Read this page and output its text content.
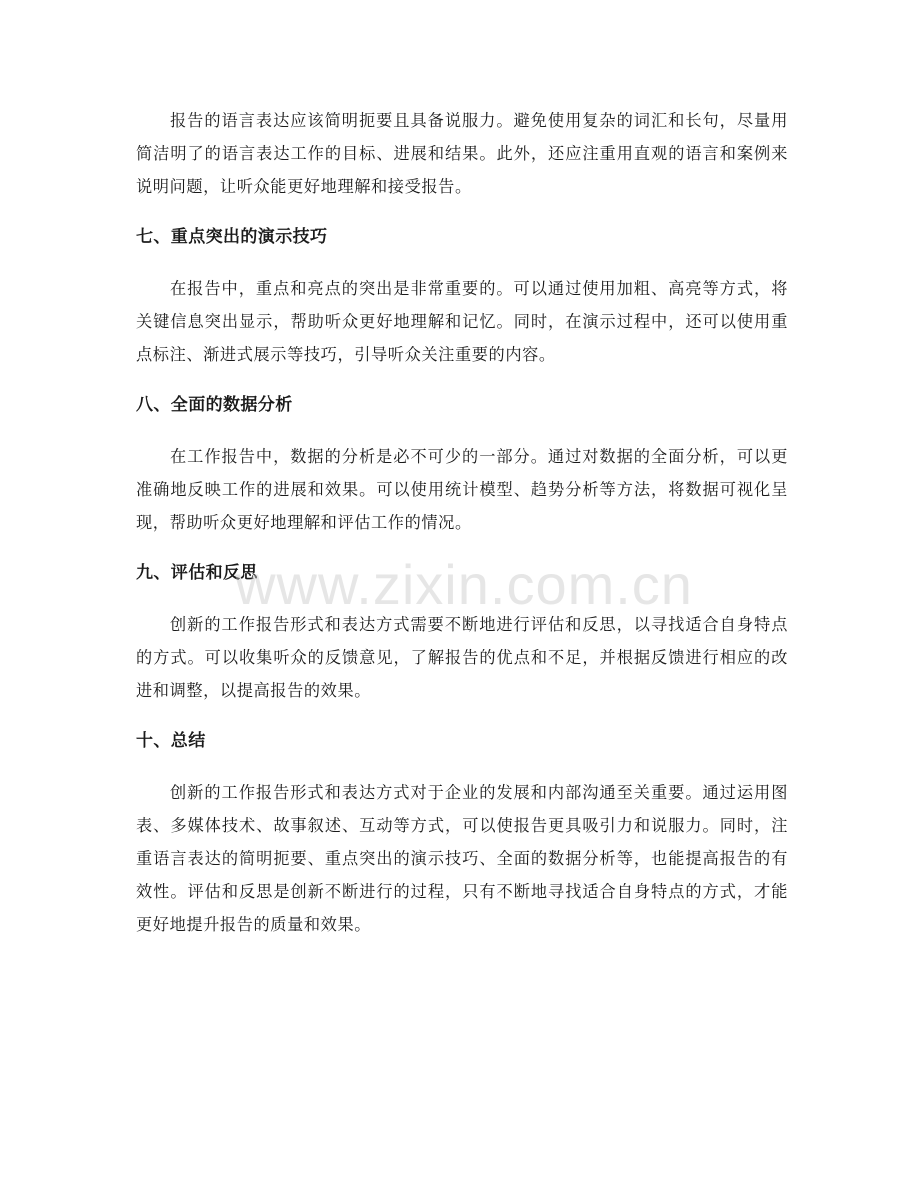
报告的语言表达应该简明扼要且具备说服力。避免使用复杂的词汇和长句，尽量用简洁明了的语言表达工作的目标、进展和结果。此外，还应注重用直观的语言和案例来说明问题，让听众能更好地理解和接受报告。

七、重点突出的演示技巧

在报告中，重点和亮点的突出是非常重要的。可以通过使用加粗、高亮等方式，将关键信息突出显示，帮助听众更好地理解和记忆。同时，在演示过程中，还可以使用重点标注、渐进式展示等技巧，引导听众关注重要的内容。

八、全面的数据分析

在工作报告中，数据的分析是必不可少的一部分。通过对数据的全面分析，可以更准确地反映工作的进展和效果。可以使用统计模型、趋势分析等方法，将数据可视化呈现，帮助听众更好地理解和评估工作的情况。

九、评估和反思

创新的工作报告形式和表达方式需要不断地进行评估和反思，以寻找适合自身特点的方式。可以收集听众的反馈意见，了解报告的优点和不足，并根据反馈进行相应的改进和调整，以提高报告的效果。

十、总结

创新的工作报告形式和表达方式对于企业的发展和内部沟通至关重要。通过运用图表、多媒体技术、故事叙述、互动等方式，可以使报告更具吸引力和说服力。同时，注重语言表达的简明扼要、重点突出的演示技巧、全面的数据分析等，也能提高报告的有效性。评估和反思是创新不断进行的过程，只有不断地寻找适合自身特点的方式，才能更好地提升报告的质量和效果。

www.zixin.com.cn
